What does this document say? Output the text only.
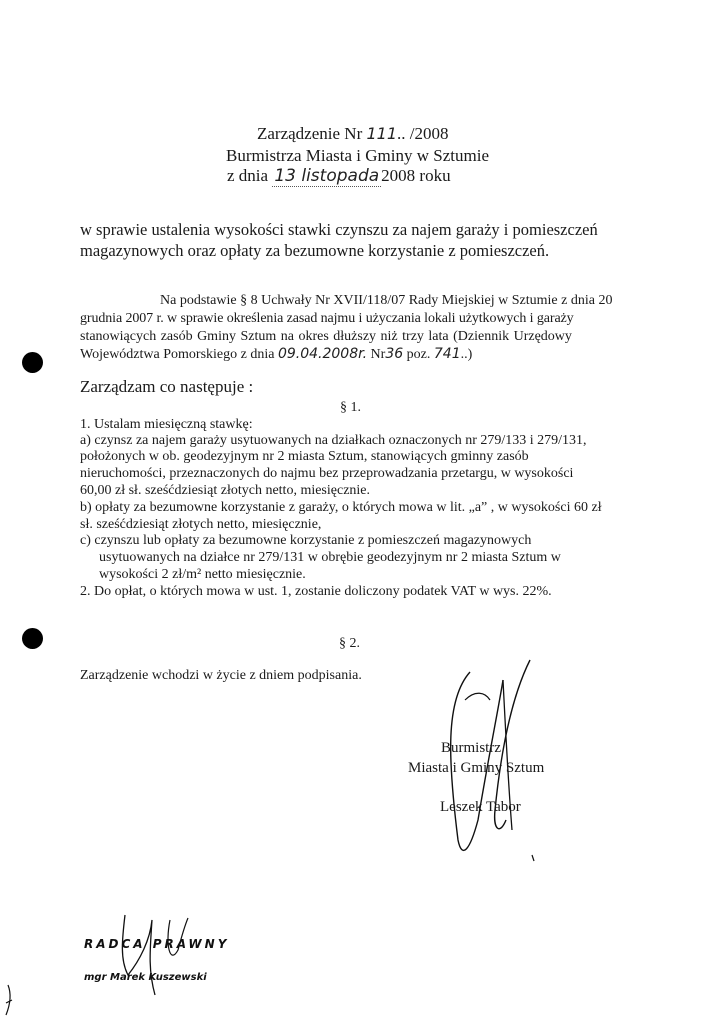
Zarządzenie Nr 111.. /2008

Burmistrza Miasta i Gminy w Sztumie

z dnia 13 listopada 2008 roku

w sprawie ustalenia wysokości stawki czynszu za najem garaży i pomieszczeń

magazynowych oraz opłaty za bezumowne korzystanie z pomieszczeń.

Na podstawie § 8 Uchwały Nr XVII/118/07 Rady Miejskiej w Sztumie z dnia 20

grudnia 2007 r. w sprawie określenia zasad najmu i użyczania lokali użytkowych i garaży

stanowiących zasób Gminy Sztum na okres dłuższy niż trzy lata (Dziennik Urzędowy

Województwa Pomorskiego z dnia 09.04.2008r. Nr36 poz. 741..)

Zarządzam co następuje :

§ 1.

1. Ustalam miesięczną stawkę:

a) czynsz za najem garaży usytuowanych na działkach oznaczonych nr 279/133 i 279/131,

położonych w ob. geodezyjnym nr 2 miasta Sztum, stanowiących gminny zasób

nieruchomości, przeznaczonych do najmu bez przeprowadzania przetargu, w wysokości

60,00 zł sł. sześćdziesiąt złotych netto, miesięcznie.

b) opłaty za bezumowne korzystanie z garaży, o których mowa w lit. „a” , w wysokości 60 zł

sł. sześćdziesiąt złotych netto, miesięcznie,

c) czynszu lub opłaty za bezumowne korzystanie z pomieszczeń magazynowych

usytuowanych na działce nr 279/131 w obrębie geodezyjnym nr 2 miasta Sztum w

wysokości 2 zł/m² netto miesięcznie.

2. Do opłat, o których mowa w ust. 1, zostanie doliczony podatek VAT w wys. 22%.

§ 2.

Zarządzenie wchodzi w życie z dniem podpisania.

Burmistrz

Miasta i Gminy Sztum

Leszek Tabor

RADCA PRAWNY

mgr Marek Kuszewski
